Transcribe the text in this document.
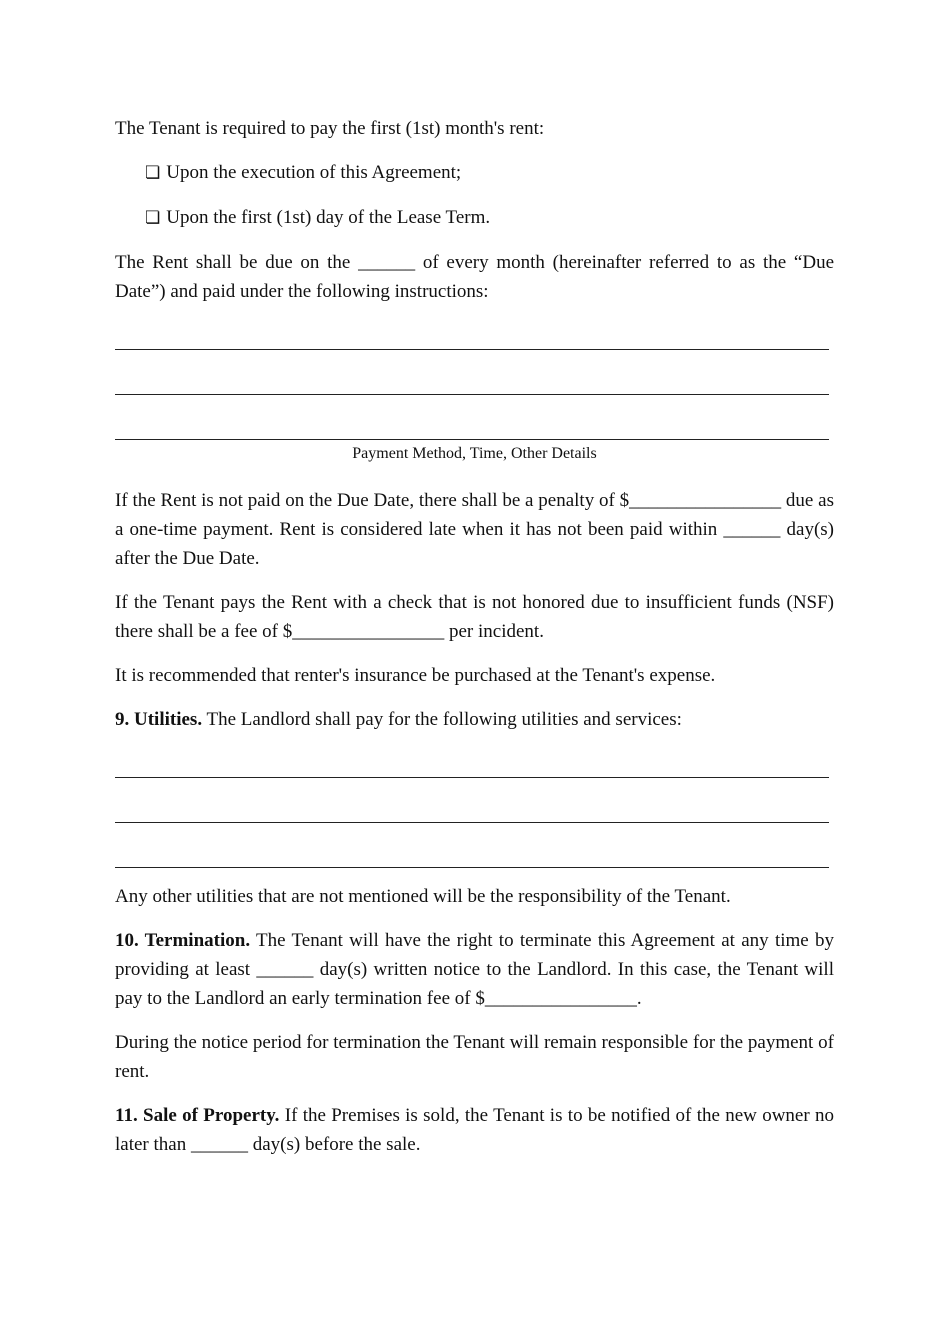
The Tenant is required to pay the first (1st) month's rent:

❏ Upon the execution of this Agreement;
❏ Upon the first (1st) day of the Lease Term.

The Rent shall be due on the ______ of every month (hereinafter referred to as the “Due Date”) and paid under the following instructions:

Payment Method, Time, Other Details

If the Rent is not paid on the Due Date, there shall be a penalty of $________________ due as a one-time payment. Rent is considered late when it has not been paid within ______ day(s) after the Due Date.

If the Tenant pays the Rent with a check that is not honored due to insufficient funds (NSF) there shall be a fee of $________________ per incident.

It is recommended that renter's insurance be purchased at the Tenant's expense.

9. Utilities. The Landlord shall pay for the following utilities and services:

Any other utilities that are not mentioned will be the responsibility of the Tenant.

10. Termination. The Tenant will have the right to terminate this Agreement at any time by providing at least ______ day(s) written notice to the Landlord. In this case, the Tenant will pay to the Landlord an early termination fee of $________________.

During the notice period for termination the Tenant will remain responsible for the payment of rent.

11. Sale of Property. If the Premises is sold, the Tenant is to be notified of the new owner no later than ______ day(s) before the sale.
